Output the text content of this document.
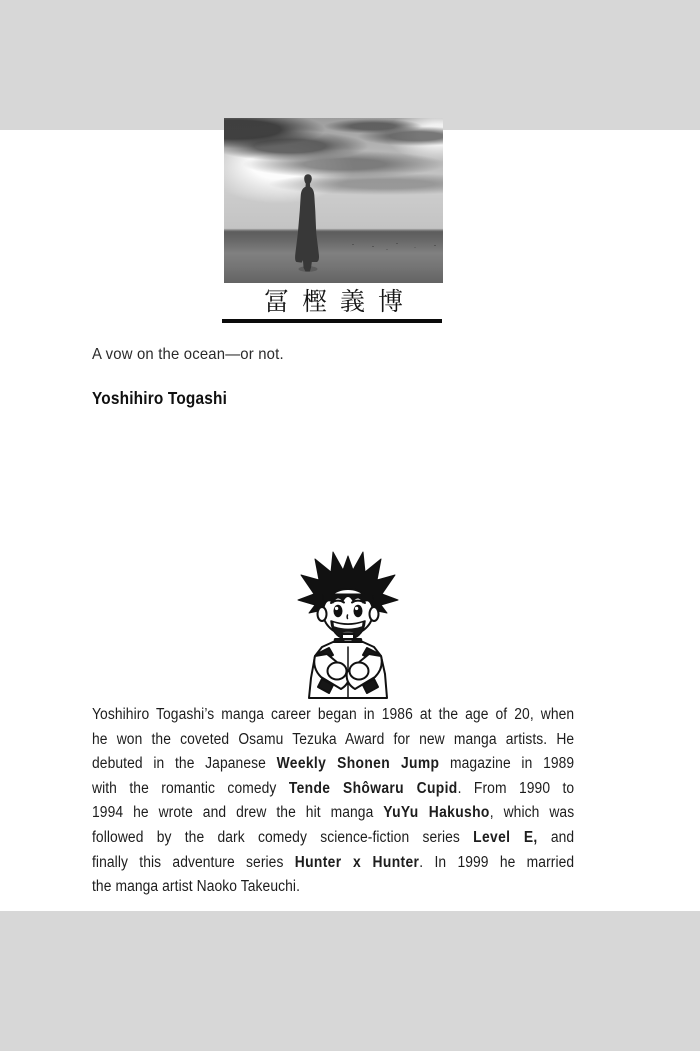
冨樫義博
A vow on the ocean—or not.
Yoshihiro Togashi
Yoshihiro Togashi’s manga career began in 1986 at the age of 20, when
he won the coveted Osamu Tezuka Award for new manga artists. He
debuted in the Japanese Weekly Shonen Jump magazine in 1989
with the romantic comedy Tende Shôwaru Cupid. From 1990 to
1994 he wrote and drew the hit manga YuYu Hakusho, which was
followed by the dark comedy science-fiction series Level E, and
finally this adventure series Hunter x Hunter. In 1999 he married
the manga artist Naoko Takeuchi.
